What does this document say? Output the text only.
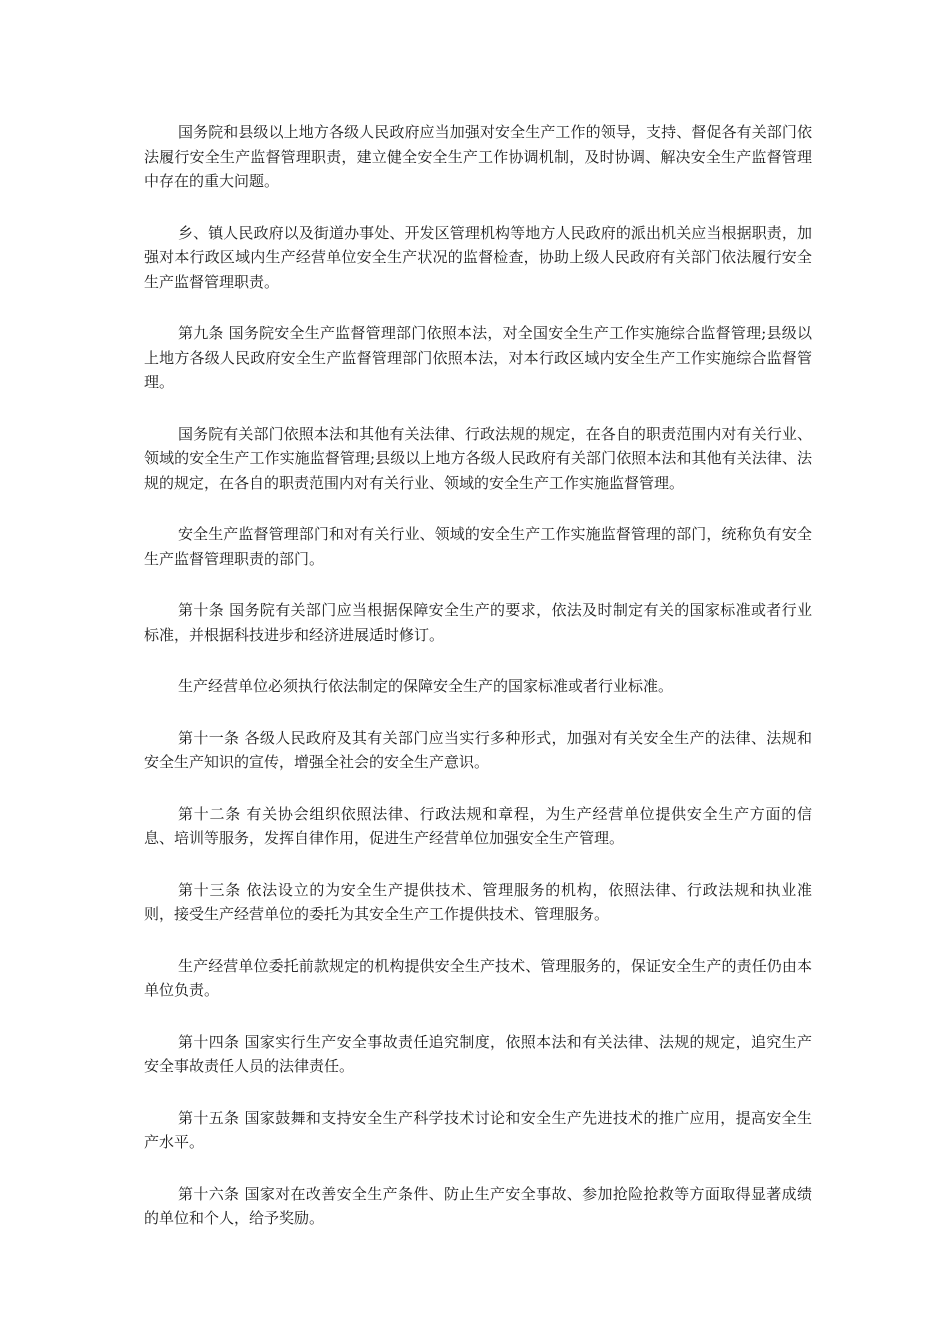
国务院和县级以上地方各级人民政府应当加强对安全生产工作的领导，支持、督促各有关部门依法履行安全生产监督管理职责，建立健全安全生产工作协调机制，及时协调、解决安全生产监督管理中存在的重大问题。

乡、镇人民政府以及街道办事处、开发区管理机构等地方人民政府的派出机关应当根据职责，加强对本行政区域内生产经营单位安全生产状况的监督检查，协助上级人民政府有关部门依法履行安全生产监督管理职责。

第九条 国务院安全生产监督管理部门依照本法，对全国安全生产工作实施综合监督管理;县级以上地方各级人民政府安全生产监督管理部门依照本法，对本行政区域内安全生产工作实施综合监督管理。

国务院有关部门依照本法和其他有关法律、行政法规的规定，在各自的职责范围内对有关行业、领域的安全生产工作实施监督管理;县级以上地方各级人民政府有关部门依照本法和其他有关法律、法规的规定，在各自的职责范围内对有关行业、领域的安全生产工作实施监督管理。

安全生产监督管理部门和对有关行业、领域的安全生产工作实施监督管理的部门，统称负有安全生产监督管理职责的部门。

第十条 国务院有关部门应当根据保障安全生产的要求，依法及时制定有关的国家标准或者行业标准，并根据科技进步和经济进展适时修订。

生产经营单位必须执行依法制定的保障安全生产的国家标准或者行业标准。

第十一条 各级人民政府及其有关部门应当实行多种形式，加强对有关安全生产的法律、法规和安全生产知识的宣传，增强全社会的安全生产意识。

第十二条 有关协会组织依照法律、行政法规和章程，为生产经营单位提供安全生产方面的信息、培训等服务，发挥自律作用，促进生产经营单位加强安全生产管理。

第十三条 依法设立的为安全生产提供技术、管理服务的机构，依照法律、行政法规和执业准则，接受生产经营单位的委托为其安全生产工作提供技术、管理服务。

生产经营单位委托前款规定的机构提供安全生产技术、管理服务的，保证安全生产的责任仍由本单位负责。

第十四条 国家实行生产安全事故责任追究制度，依照本法和有关法律、法规的规定，追究生产安全事故责任人员的法律责任。

第十五条 国家鼓舞和支持安全生产科学技术讨论和安全生产先进技术的推广应用，提高安全生产水平。

第十六条 国家对在改善安全生产条件、防止生产安全事故、参加抢险抢救等方面取得显著成绩的单位和个人，给予奖励。
